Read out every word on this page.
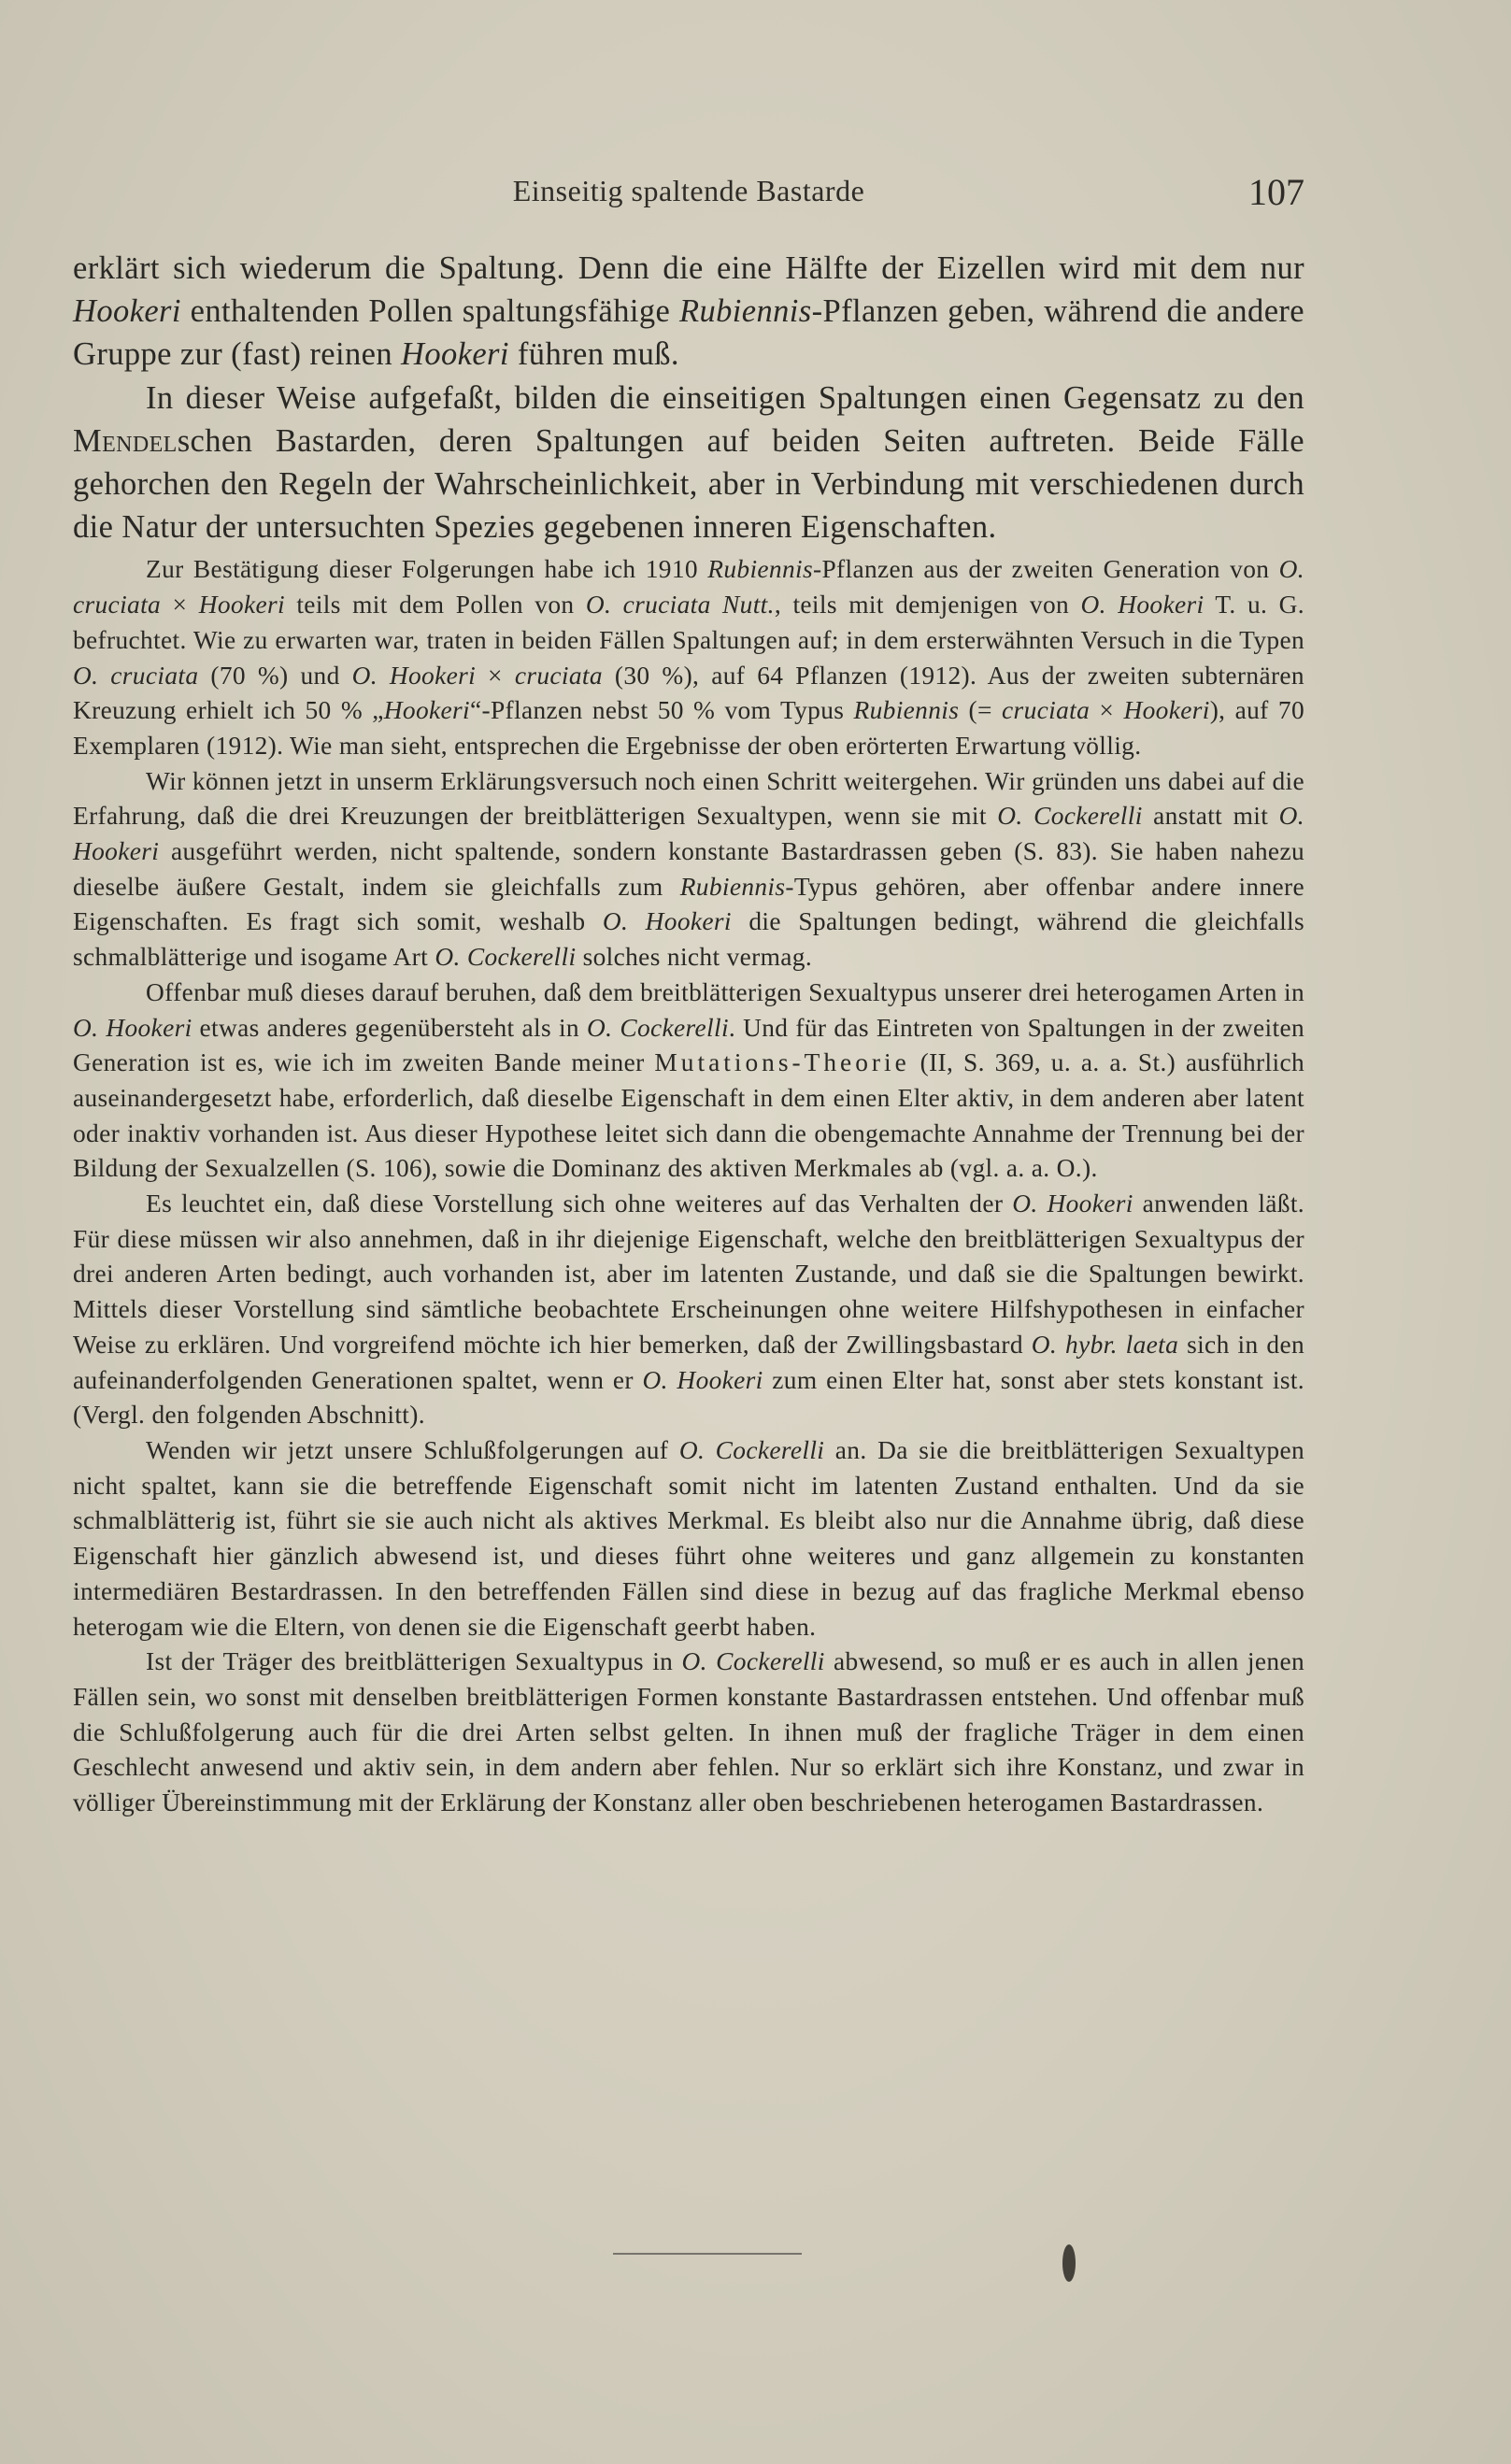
Einseitig spaltende Bastarde	107

erklärt sich wiederum die Spaltung. Denn die eine Hälfte der Eizellen wird mit dem nur Hookeri enthaltenden Pollen spaltungsfähige Rubiennis-Pflanzen geben, während die andere Gruppe zur (fast) reinen Hookeri führen muß.

In dieser Weise aufgefaßt, bilden die einseitigen Spaltungen einen Gegensatz zu den Mendelschen Bastarden, deren Spaltungen auf beiden Seiten auftreten. Beide Fälle gehorchen den Regeln der Wahrscheinlichkeit, aber in Verbindung mit verschiedenen durch die Natur der untersuchten Spezies gegebenen inneren Eigenschaften.

Zur Bestätigung dieser Folgerungen habe ich 1910 Rubiennis-Pflanzen aus der zweiten Generation von O. cruciata × Hookeri teils mit dem Pollen von O. cruciata Nutt., teils mit demjenigen von O. Hookeri T. u. G. befruchtet. Wie zu erwarten war, traten in beiden Fällen Spaltungen auf; in dem ersterwähnten Versuch in die Typen O. cruciata (70 %) und O. Hookeri × cruciata (30 %), auf 64 Pflanzen (1912). Aus der zweiten subternären Kreuzung erhielt ich 50 % „Hookeri“-Pflanzen nebst 50 % vom Typus Rubiennis (= cruciata × Hookeri), auf 70 Exemplaren (1912). Wie man sieht, entsprechen die Ergebnisse der oben erörterten Erwartung völlig.

Wir können jetzt in unserm Erklärungsversuch noch einen Schritt weitergehen. Wir gründen uns dabei auf die Erfahrung, daß die drei Kreuzungen der breitblätterigen Sexualtypen, wenn sie mit O. Cockerelli anstatt mit O. Hookeri ausgeführt werden, nicht spaltende, sondern konstante Bastardrassen geben (S. 83). Sie haben nahezu dieselbe äußere Gestalt, indem sie gleichfalls zum Rubiennis-Typus gehören, aber offenbar andere innere Eigenschaften. Es fragt sich somit, weshalb O. Hookeri die Spaltungen bedingt, während die gleichfalls schmalblätterige und isogame Art O. Cockerelli solches nicht vermag.

Offenbar muß dieses darauf beruhen, daß dem breitblätterigen Sexualtypus unserer drei heterogamen Arten in O. Hookeri etwas anderes gegenübersteht als in O. Cockerelli. Und für das Eintreten von Spaltungen in der zweiten Generation ist es, wie ich im zweiten Bande meiner Mutations-Theorie (II, S. 369, u. a. a. St.) ausführlich auseinandergesetzt habe, erforderlich, daß dieselbe Eigenschaft in dem einen Elter aktiv, in dem anderen aber latent oder inaktiv vorhanden ist. Aus dieser Hypothese leitet sich dann die obengemachte Annahme der Trennung bei der Bildung der Sexualzellen (S. 106), sowie die Dominanz des aktiven Merkmales ab (vgl. a. a. O.).

Es leuchtet ein, daß diese Vorstellung sich ohne weiteres auf das Verhalten der O. Hookeri anwenden läßt. Für diese müssen wir also annehmen, daß in ihr diejenige Eigenschaft, welche den breitblätterigen Sexualtypus der drei anderen Arten bedingt, auch vorhanden ist, aber im latenten Zustande, und daß sie die Spaltungen bewirkt. Mittels dieser Vorstellung sind sämtliche beobachtete Erscheinungen ohne weitere Hilfshypothesen in einfacher Weise zu erklären. Und vorgreifend möchte ich hier bemerken, daß der Zwillingsbastard O. hybr. laeta sich in den aufeinanderfolgenden Generationen spaltet, wenn er O. Hookeri zum einen Elter hat, sonst aber stets konstant ist. (Vergl. den folgenden Abschnitt).

Wenden wir jetzt unsere Schlußfolgerungen auf O. Cockerelli an. Da sie die breitblätterigen Sexualtypen nicht spaltet, kann sie die betreffende Eigenschaft somit nicht im latenten Zustand enthalten. Und da sie schmalblätterig ist, führt sie sie auch nicht als aktives Merkmal. Es bleibt also nur die Annahme übrig, daß diese Eigenschaft hier gänzlich abwesend ist, und dieses führt ohne weiteres und ganz allgemein zu konstanten intermediären Bestardrassen. In den betreffenden Fällen sind diese in bezug auf das fragliche Merkmal ebenso heterogam wie die Eltern, von denen sie die Eigenschaft geerbt haben.

Ist der Träger des breitblätterigen Sexualtypus in O. Cockerelli abwesend, so muß er es auch in allen jenen Fällen sein, wo sonst mit denselben breitblätterigen Formen konstante Bastardrassen entstehen. Und offenbar muß die Schlußfolgerung auch für die drei Arten selbst gelten. In ihnen muß der fragliche Träger in dem einen Geschlecht anwesend und aktiv sein, in dem andern aber fehlen. Nur so erklärt sich ihre Konstanz, und zwar in völliger Übereinstimmung mit der Erklärung der Konstanz aller oben beschriebenen heterogamen Bastardrassen.
